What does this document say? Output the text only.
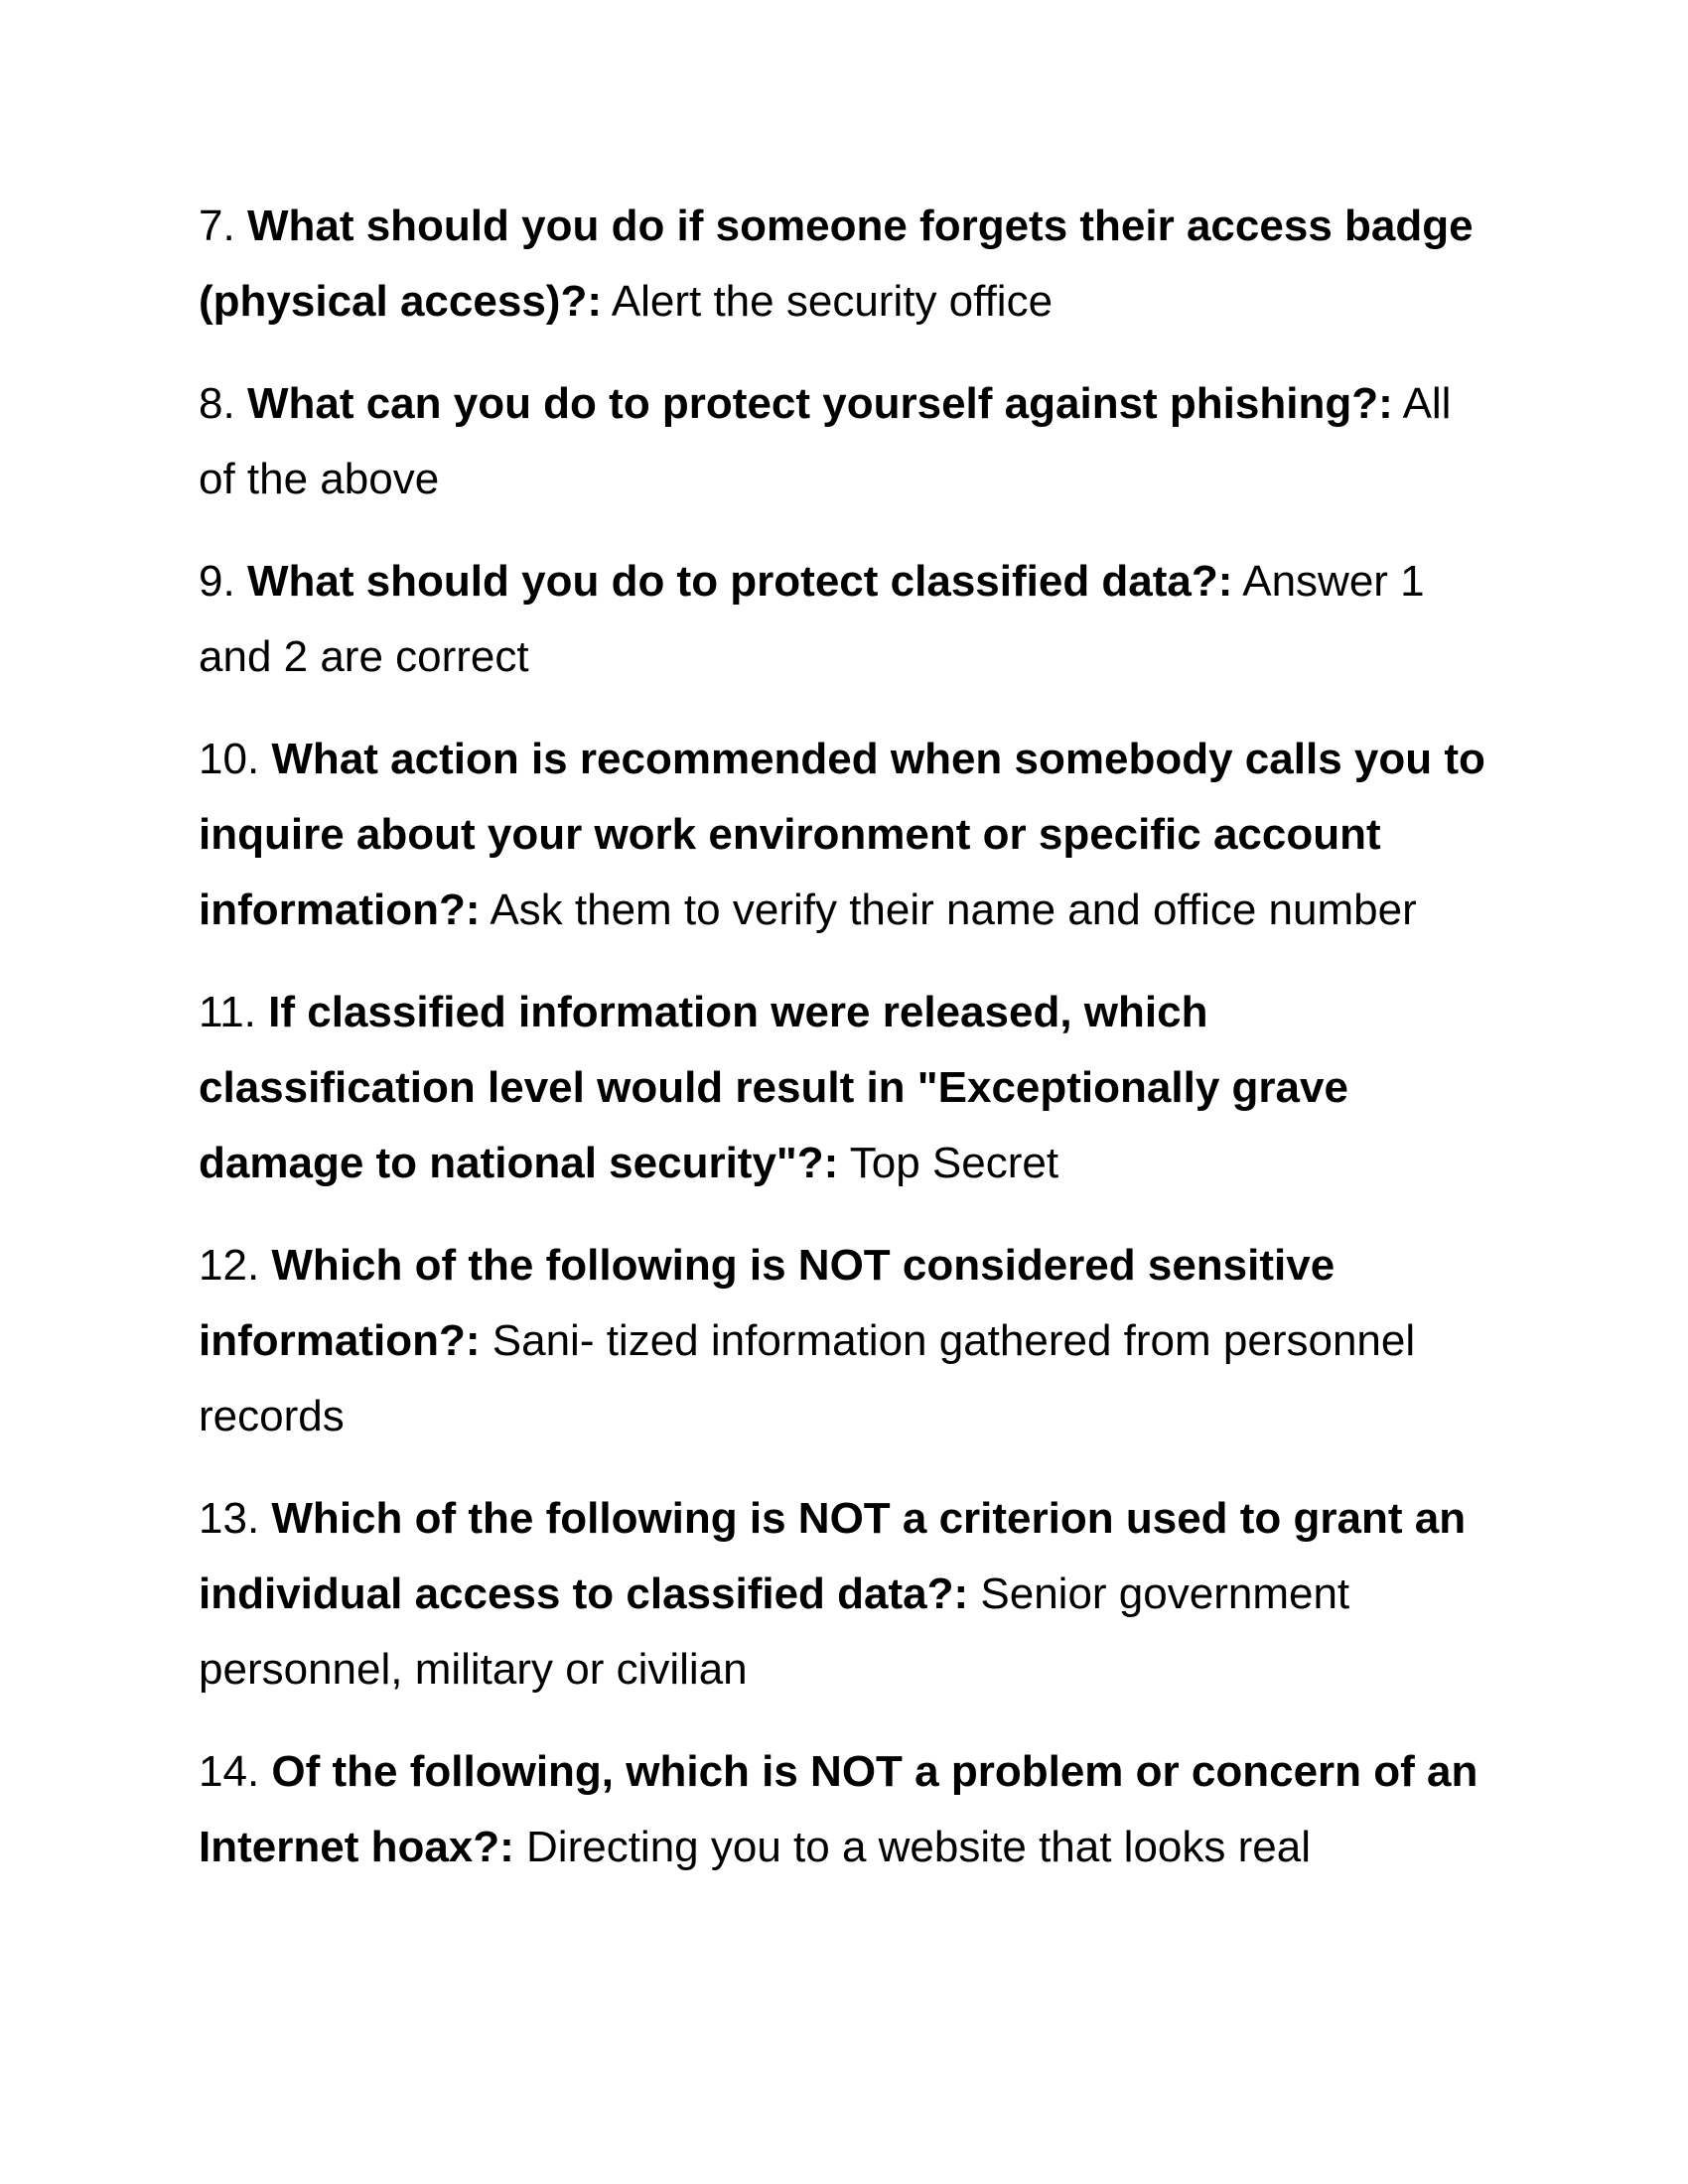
7. What should you do if someone forgets their access badge (physical access)?: Alert the security office

8. What can you do to protect yourself against phishing?: All of the above

9. What should you do to protect classified data?: Answer 1 and 2 are correct

10. What action is recommended when somebody calls you to inquire about your work environment or specific account information?: Ask them to verify their name and office number

11. If classified information were released, which classification level would result in "Exceptionally grave damage to national security"?: Top Secret

12. Which of the following is NOT considered sensitive information?: Sani- tized information gathered from personnel records

13. Which of the following is NOT a criterion used to grant an individual access to classified data?: Senior government personnel, military or civilian

14. Of the following, which is NOT a problem or concern of an Internet hoax?: Directing you to a website that looks real
